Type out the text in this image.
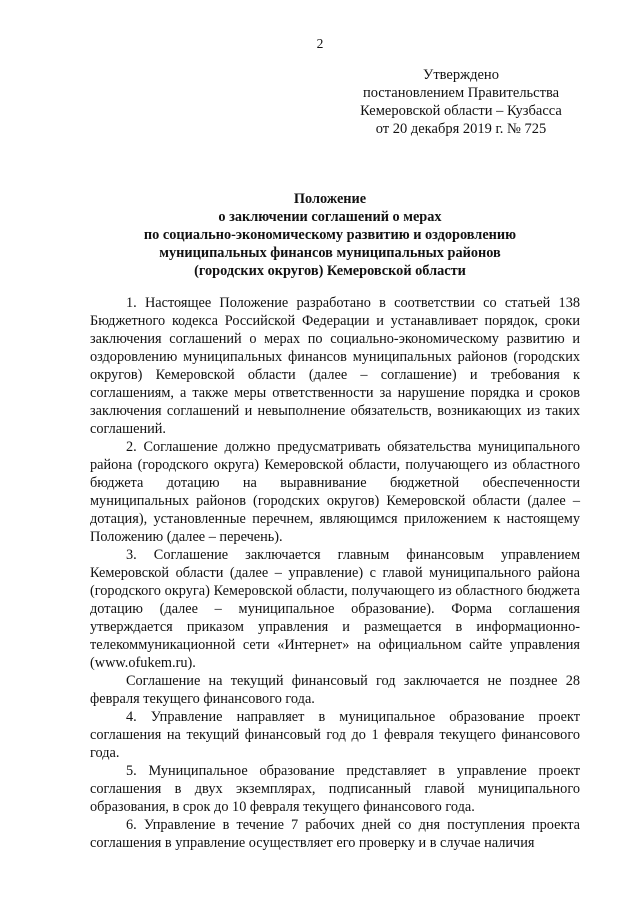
2
Утверждено
постановлением Правительства
Кемеровской области – Кузбасса
от 20 декабря 2019 г. № 725
Положение
о заключении соглашений о мерах
по социально-экономическому развитию и оздоровлению
муниципальных финансов муниципальных районов
(городских округов) Кемеровской области

1. Настоящее Положение разработано в соответствии со статьей 138 Бюджетного кодекса Российской Федерации и устанавливает порядок, сроки заключения соглашений о мерах по социально-экономическому развитию и оздоровлению муниципальных финансов муниципальных районов (городских округов) Кемеровской области (далее – соглашение) и требования к соглашениям, а также меры ответственности за нарушение порядка и сроков заключения соглашений и невыполнение обязательств, возникающих из таких соглашений.

2. Соглашение должно предусматривать обязательства муниципального района (городского округа) Кемеровской области, получающего из областного бюджета дотацию на выравнивание бюджетной обеспеченности муниципальных районов (городских округов) Кемеровской области (далее – дотация), установленные перечнем, являющимся приложением к настоящему Положению (далее – перечень).

3. Соглашение заключается главным финансовым управлением Кемеровской области (далее – управление) с главой муниципального района (городского округа) Кемеровской области, получающего из областного бюджета дотацию (далее – муниципальное образование). Форма соглашения утверждается приказом управления и размещается в информационно-телекоммуникационной сети «Интернет» на официальном сайте управления (www.ofukem.ru).

Соглашение на текущий финансовый год заключается не позднее 28 февраля текущего финансового года.

4. Управление направляет в муниципальное образование проект соглашения на текущий финансовый год до 1 февраля текущего финансового года.

5. Муниципальное образование представляет в управление проект соглашения в двух экземплярах, подписанный главой муниципального образования, в срок до 10 февраля текущего финансового года.

6. Управление в течение 7 рабочих дней со дня поступления проекта соглашения в управление осуществляет его проверку и в случае наличия
